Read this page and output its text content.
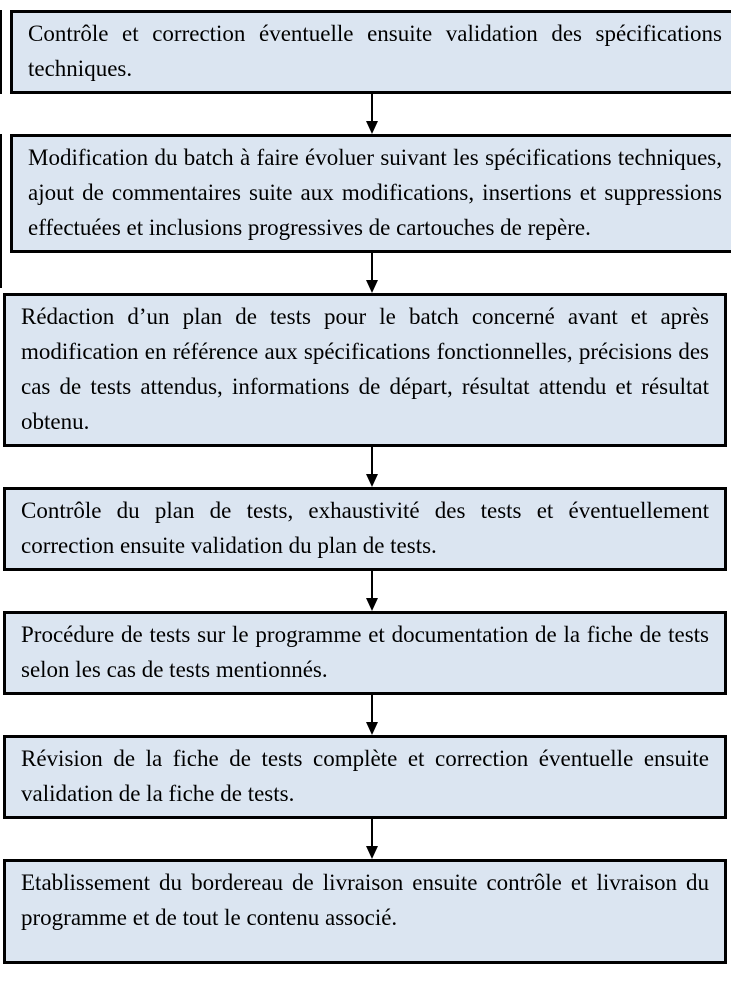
Contrôle et correction éventuelle ensuite validation des spécifications techniques.

Modification du batch à faire évoluer suivant les spécifications techniques, ajout de commentaires suite aux modifications, insertions et suppressions effectuées et inclusions progressives de cartouches de repère.

Rédaction d’un plan de tests pour le batch concerné avant et après modification en référence aux spécifications fonctionnelles, précisions des cas de tests attendus, informations de départ, résultat attendu et résultat obtenu.

Contrôle du plan de tests, exhaustivité des tests et éventuellement correction ensuite validation du plan de tests.

Procédure de tests sur le programme et documentation de la fiche de tests selon les cas de tests mentionnés.

Révision de la fiche de tests complète et correction éventuelle ensuite validation de la fiche de tests.

Etablissement du bordereau de livraison ensuite contrôle et livraison du programme et de tout le contenu associé.
